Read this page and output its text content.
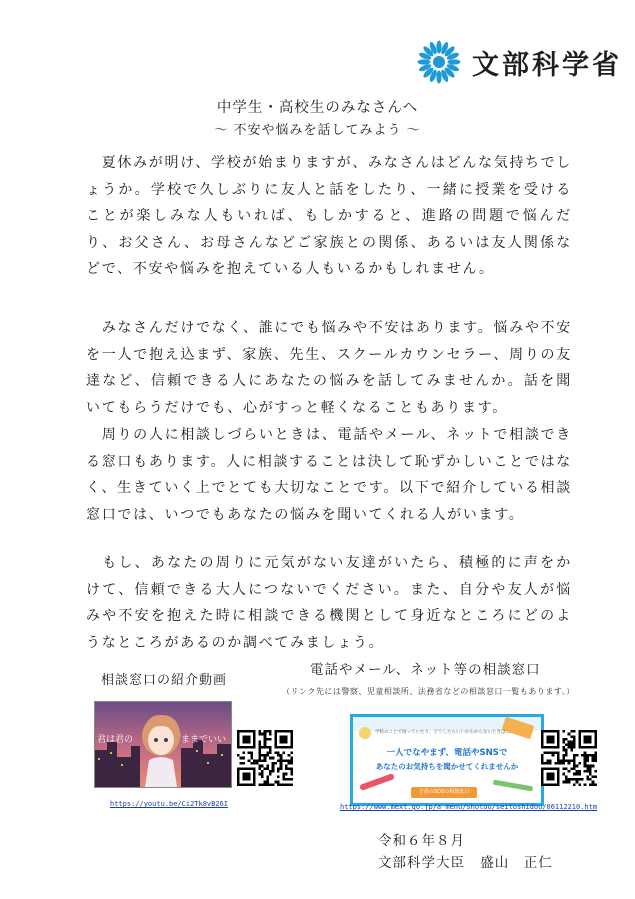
文部科学省
中学生・高校生のみなさんへ
〜 不安や悩みを話してみよう 〜

　夏休みが明け、学校が始まりますが、みなさんはどんな気持ちでしょうか。学校で久しぶりに友人と話をしたり、一緒に授業を受けることが楽しみな人もいれば、もしかすると、進路の問題で悩んだり、お父さん、お母さんなどご家族との関係、あるいは友人関係などで、不安や悩みを抱えている人もいるかもしれません。

　みなさんだけでなく、誰にでも悩みや不安はあります。悩みや不安を一人で抱え込まず、家族、先生、スクールカウンセラー、周りの友達など、信頼できる人にあなたの悩みを話してみませんか。話を聞いてもらうだけでも、心がすっと軽くなることもあります。

　周りの人に相談しづらいときは、電話やメール、ネットで相談できる窓口もあります。人に相談することは決して恥ずかしいことではなく、生きていく上でとても大切なことです。以下で紹介している相談窓口では、いつでもあなたの悩みを聞いてくれる人がいます。

　もし、あなたの周りに元気がない友達がいたら、積極的に声をかけて、信頼できる大人につないでください。また、自分や友人が悩みや不安を抱えた時に相談できる機関として身近なところにどのようなところがあるのか調べてみましょう。

相談窓口の紹介動画
電話やメール、ネット等の相談窓口
（リンク先には警察、児童相談所、法務省などの相談窓口一覧もあります。）
君は君の	ままでいい
学校のことで困っていたり、どうしたらいいかわからないときは…
一人でなやまず、電話やSNSで
あなたのお気持ちを聞かせてくれませんか
子供のSOSの相談窓口
https://youtu.be/Ci2Tk8vB26I	https://www.mext.go.jp/a_menu/shotou/seitoshidou/06112210.htm
令和６年８月
文部科学大臣 盛山　正仁
